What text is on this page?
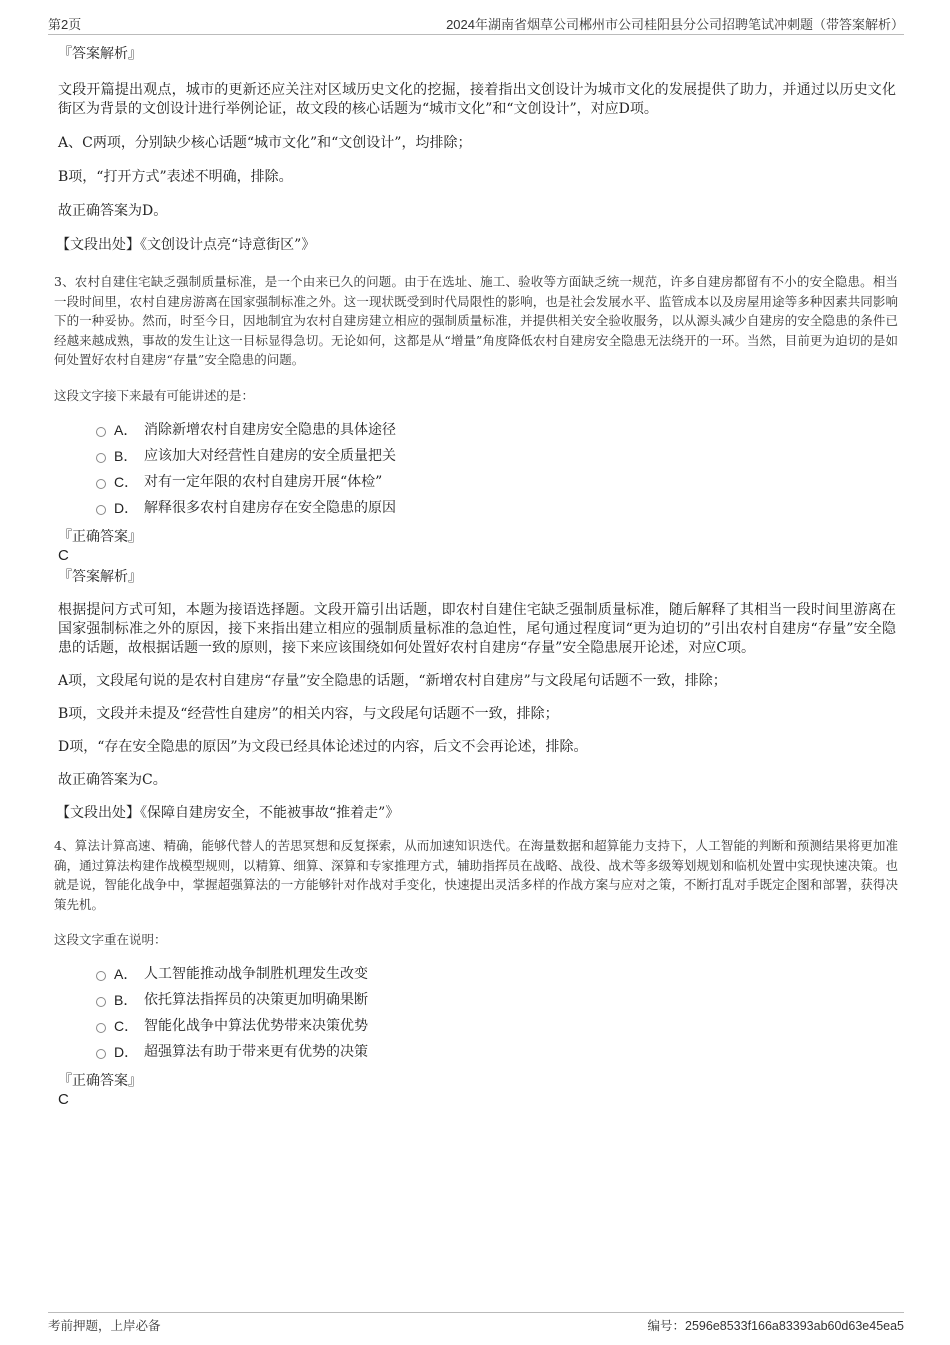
第2页	2024年湖南省烟草公司郴州市公司桂阳县分公司招聘笔试冲刺题（带答案解析）
『答案解析』
文段开篇提出观点，城市的更新还应关注对区域历史文化的挖掘，接着指出文创设计为城市文化的发展提供了助力，并通过以历史文化街区为背景的文创设计进行举例论证，故文段的核心话题为“城市文化”和“文创设计”，对应D项。
A、C两项，分别缺少核心话题“城市文化”和“文创设计”，均排除；
B项，“打开方式”表述不明确，排除。
故正确答案为D。
【文段出处】《文创设计点亮“诗意街区”》
3、农村自建住宅缺乏强制质量标准，是一个由来已久的问题。由于在选址、施工、验收等方面缺乏统一规范，许多自建房都留有不小的安全隐患。相当一段时间里，农村自建房游离在国家强制标准之外。这一现状既受到时代局限性的影响，也是社会发展水平、监管成本以及房屋用途等多种因素共同影响下的一种妥协。然而，时至今日，因地制宜为农村自建房建立相应的强制质量标准，并提供相关安全验收服务，以从源头减少自建房的安全隐患的条件已经越来越成熟，事故的发生让这一目标显得急切。无论如何，这都是从“增量”角度降低农村自建房安全隐患无法绕开的一环。当然，目前更为迫切的是如何处置好农村自建房“存量”安全隐患的问题。
这段文字接下来最有可能讲述的是：
A． 消除新增农村自建房安全隐患的具体途径
B． 应该加大对经营性自建房的安全质量把关
C． 对有一定年限的农村自建房开展“体检”
D． 解释很多农村自建房存在安全隐患的原因
『正确答案』
C
『答案解析』
根据提问方式可知，本题为接语选择题。文段开篇引出话题，即农村自建住宅缺乏强制质量标准，随后解释了其相当一段时间里游离在国家强制标准之外的原因，接下来指出建立相应的强制质量标准的急迫性，尾句通过程度词“更为迫切的”引出农村自建房“存量”安全隐患的话题，故根据话题一致的原则，接下来应该围绕如何处置好农村自建房“存量”安全隐患展开论述，对应C项。
A项，文段尾句说的是农村自建房“存量”安全隐患的话题，“新增农村自建房”与文段尾句话题不一致，排除；
B项，文段并未提及“经营性自建房”的相关内容，与文段尾句话题不一致，排除；
D项，“存在安全隐患的原因”为文段已经具体论述过的内容，后文不会再论述，排除。
故正确答案为C。
【文段出处】《保障自建房安全，不能被事故“推着走”》
4、算法计算高速、精确，能够代替人的苦思冥想和反复探索，从而加速知识迭代。在海量数据和超算能力支持下，人工智能的判断和预测结果将更加准确，通过算法构建作战模型规则，以精算、细算、深算和专家推理方式，辅助指挥员在战略、战役、战术等多级筹划规划和临机处置中实现快速决策。也就是说，智能化战争中，掌握超强算法的一方能够针对作战对手变化，快速提出灵活多样的作战方案与应对之策，不断打乱对手既定企图和部署，获得决策先机。
这段文字重在说明：
A． 人工智能推动战争制胜机理发生改变
B． 依托算法指挥员的决策更加明确果断
C． 智能化战争中算法优势带来决策优势
D． 超强算法有助于带来更有优势的决策
『正确答案』
C
考前押题，上岸必备	编号：2596e8533f166a83393ab60d63e45ea5
